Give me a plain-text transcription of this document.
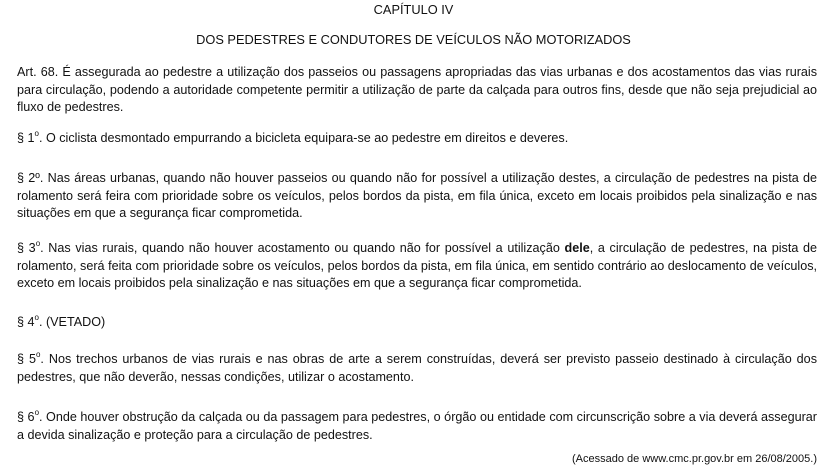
CAPÍTULO IV
DOS PEDESTRES E CONDUTORES DE VEÍCULOS NÃO MOTORIZADOS

Art. 68. É assegurada ao pedestre a utilização dos passeios ou passagens apropriadas das vias urbanas e dos acostamentos das vias rurais para circulação, podendo a autoridade competente permitir a utilização de parte da calçada para outros fins, desde que não seja prejudicial ao fluxo de pedestres.

§ 1$^o$. O ciclista desmontado empurrando a bicicleta equipara-se ao pedestre em direitos e deveres.

§ 2º. Nas áreas urbanas, quando não houver passeios ou quando não for possível a utilização destes, a circulação de pedestres na pista de rolamento será feira com prioridade sobre os veículos, pelos bordos da pista, em fila única, exceto em locais proibidos pela sinalização e nas situações em que a segurança ficar comprometida.

§ 3$^o$. Nas vias rurais, quando não houver acostamento ou quando não for possível a utilização dele, a circulação de pedestres, na pista de rolamento, será feita com prioridade sobre os veículos, pelos bordos da pista, em fila única, em sentido contrário ao deslocamento de veículos, exceto em locais proibidos pela sinalização e nas situações em que a segurança ficar comprometida.

§ 4$^o$. (VETADO)

§ 5$^o$. Nos trechos urbanos de vias rurais e nas obras de arte a serem construídas, deverá ser previsto passeio destinado à circulação dos pedestres, que não deverão, nessas condições, utilizar o acostamento.

§ 6$^o$. Onde houver obstrução da calçada ou da passagem para pedestres, o órgão ou entidade com circunscrição sobre a via deverá assegurar a devida sinalização e proteção para a circulação de pedestres.

(Acessado de www.cmc.pr.gov.br em 26/08/2005.)
